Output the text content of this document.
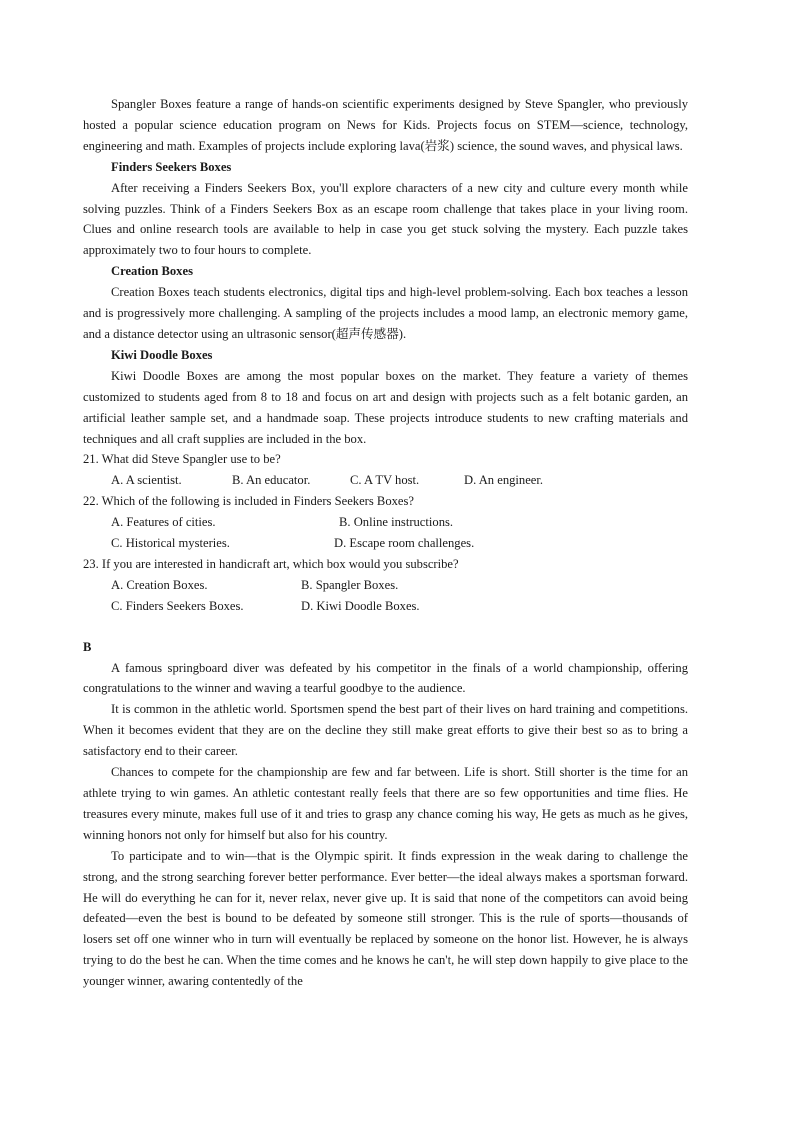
Spangler Boxes feature a range of hands-on scientific experiments designed by Steve Spangler, who previously hosted a popular science education program on News for Kids. Projects focus on STEM—science, technology, engineering and math. Examples of projects include exploring lava(岩浆) science, the sound waves, and physical laws.

Finders Seekers Boxes

After receiving a Finders Seekers Box, you'll explore characters of a new city and culture every month while solving puzzles. Think of a Finders Seekers Box as an escape room challenge that takes place in your living room. Clues and online research tools are available to help in case you get stuck solving the mystery. Each puzzle takes approximately two to four hours to complete.

Creation Boxes

Creation Boxes teach students electronics, digital tips and high-level problem-solving. Each box teaches a lesson and is progressively more challenging. A sampling of the projects includes a mood lamp, an electronic memory game, and a distance detector using an ultrasonic sensor(超声传感器).

Kiwi Doodle Boxes

Kiwi Doodle Boxes are among the most popular boxes on the market. They feature a variety of themes customized to students aged from 8 to 18 and focus on art and design with projects such as a felt botanic garden, an artificial leather sample set, and a handmade soap. These projects introduce students to new crafting materials and techniques and all craft supplies are included in the box.

21. What did Steve Spangler use to be?

A. A scientist.	B. An educator.	C. A TV host.	D. An engineer.

22. Which of the following is included in Finders Seekers Boxes?

A. Features of cities.	B. Online instructions.
C. Historical mysteries.	D. Escape room challenges.

23. If you are interested in handicraft art, which box would you subscribe?

A. Creation Boxes.	B. Spangler Boxes.
C. Finders Seekers Boxes.	D. Kiwi Doodle Boxes.

B

A famous springboard diver was defeated by his competitor in the finals of a world championship, offering congratulations to the winner and waving a tearful goodbye to the audience.

It is common in the athletic world. Sportsmen spend the best part of their lives on hard training and competitions. When it becomes evident that they are on the decline they still make great efforts to give their best so as to bring a satisfactory end to their career.

Chances to compete for the championship are few and far between. Life is short. Still shorter is the time for an athlete trying to win games. An athletic contestant really feels that there are so few opportunities and time flies. He treasures every minute, makes full use of it and tries to grasp any chance coming his way, He gets as much as he gives, winning honors not only for himself but also for his country.

To participate and to win—that is the Olympic spirit. It finds expression in the weak daring to challenge the strong, and the strong searching forever better performance. Ever better—the ideal always makes a sportsman forward. He will do everything he can for it, never relax, never give up. It is said that none of the competitors can avoid being defeated—even the best is bound to be defeated by someone still stronger. This is the rule of sports—thousands of losers set off one winner who in turn will eventually be replaced by someone on the honor list. However, he is always trying to do the best he can. When the time comes and he knows he can't, he will step down happily to give place to the younger winner, awaring contentedly of the
